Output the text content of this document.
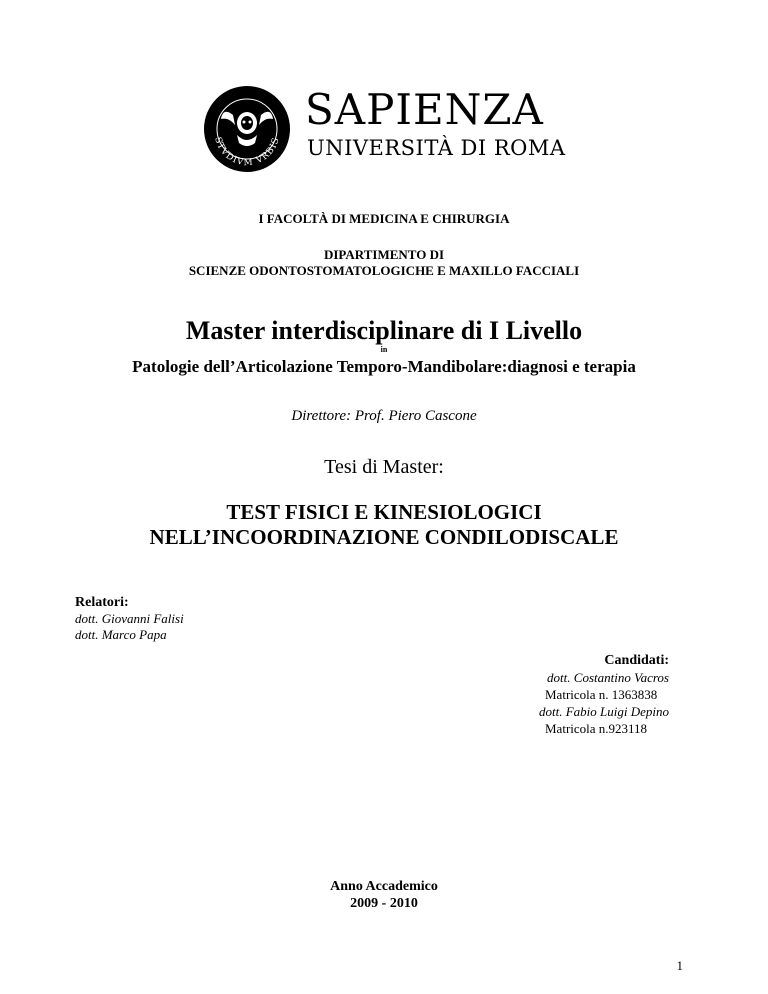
STVDIVM VRBIS
SAPIENZA
UNIVERSITÀ DI ROMA
I FACOLTÀ DI MEDICINA E CHIRURGIA
DIPARTIMENTO DI
SCIENZE ODONTOSTOMATOLOGICHE E MAXILLO FACCIALI
Master interdisciplinare di I Livello
in
Patologie dell’Articolazione Temporo-Mandibolare:diagnosi e terapia
Direttore: Prof. Piero Cascone
Tesi di Master:
TEST FISICI E KINESIOLOGICI
NELL’INCOORDINAZIONE CONDILODISCALE
Relatori:
dott. Giovanni Falisi
dott. Marco Papa
Candidati:
dott. Costantino Vacros
Matricola n. 1363838
dott. Fabio Luigi Depino
Matricola n.923118
Anno Accademico
2009 - 2010
1
